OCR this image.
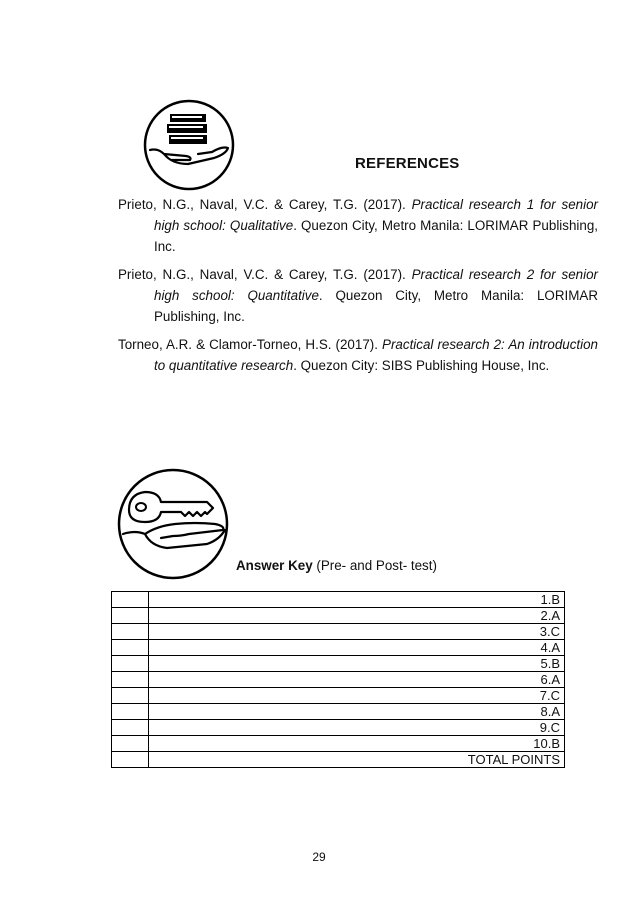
REFERENCES
Prieto, N.G., Naval, V.C. & Carey, T.G. (2017). Practical research 1 for senior high school: Qualitative. Quezon City, Metro Manila: LORIMAR Publishing, Inc.
Prieto, N.G., Naval, V.C. & Carey, T.G. (2017). Practical research 2 for senior high school: Quantitative. Quezon City, Metro Manila: LORIMAR Publishing, Inc.
Torneo, A.R. & Clamor-Torneo, H.S. (2017). Practical research 2: An introduction to quantitative research. Quezon City: SIBS Publishing House, Inc.
Answer Key (Pre- and Post- test)
	1.B
	2.A
	3.C
	4.A
	5.B
	6.A
	7.C
	8.A
	9.C
	10.B
	TOTAL POINTS
29
